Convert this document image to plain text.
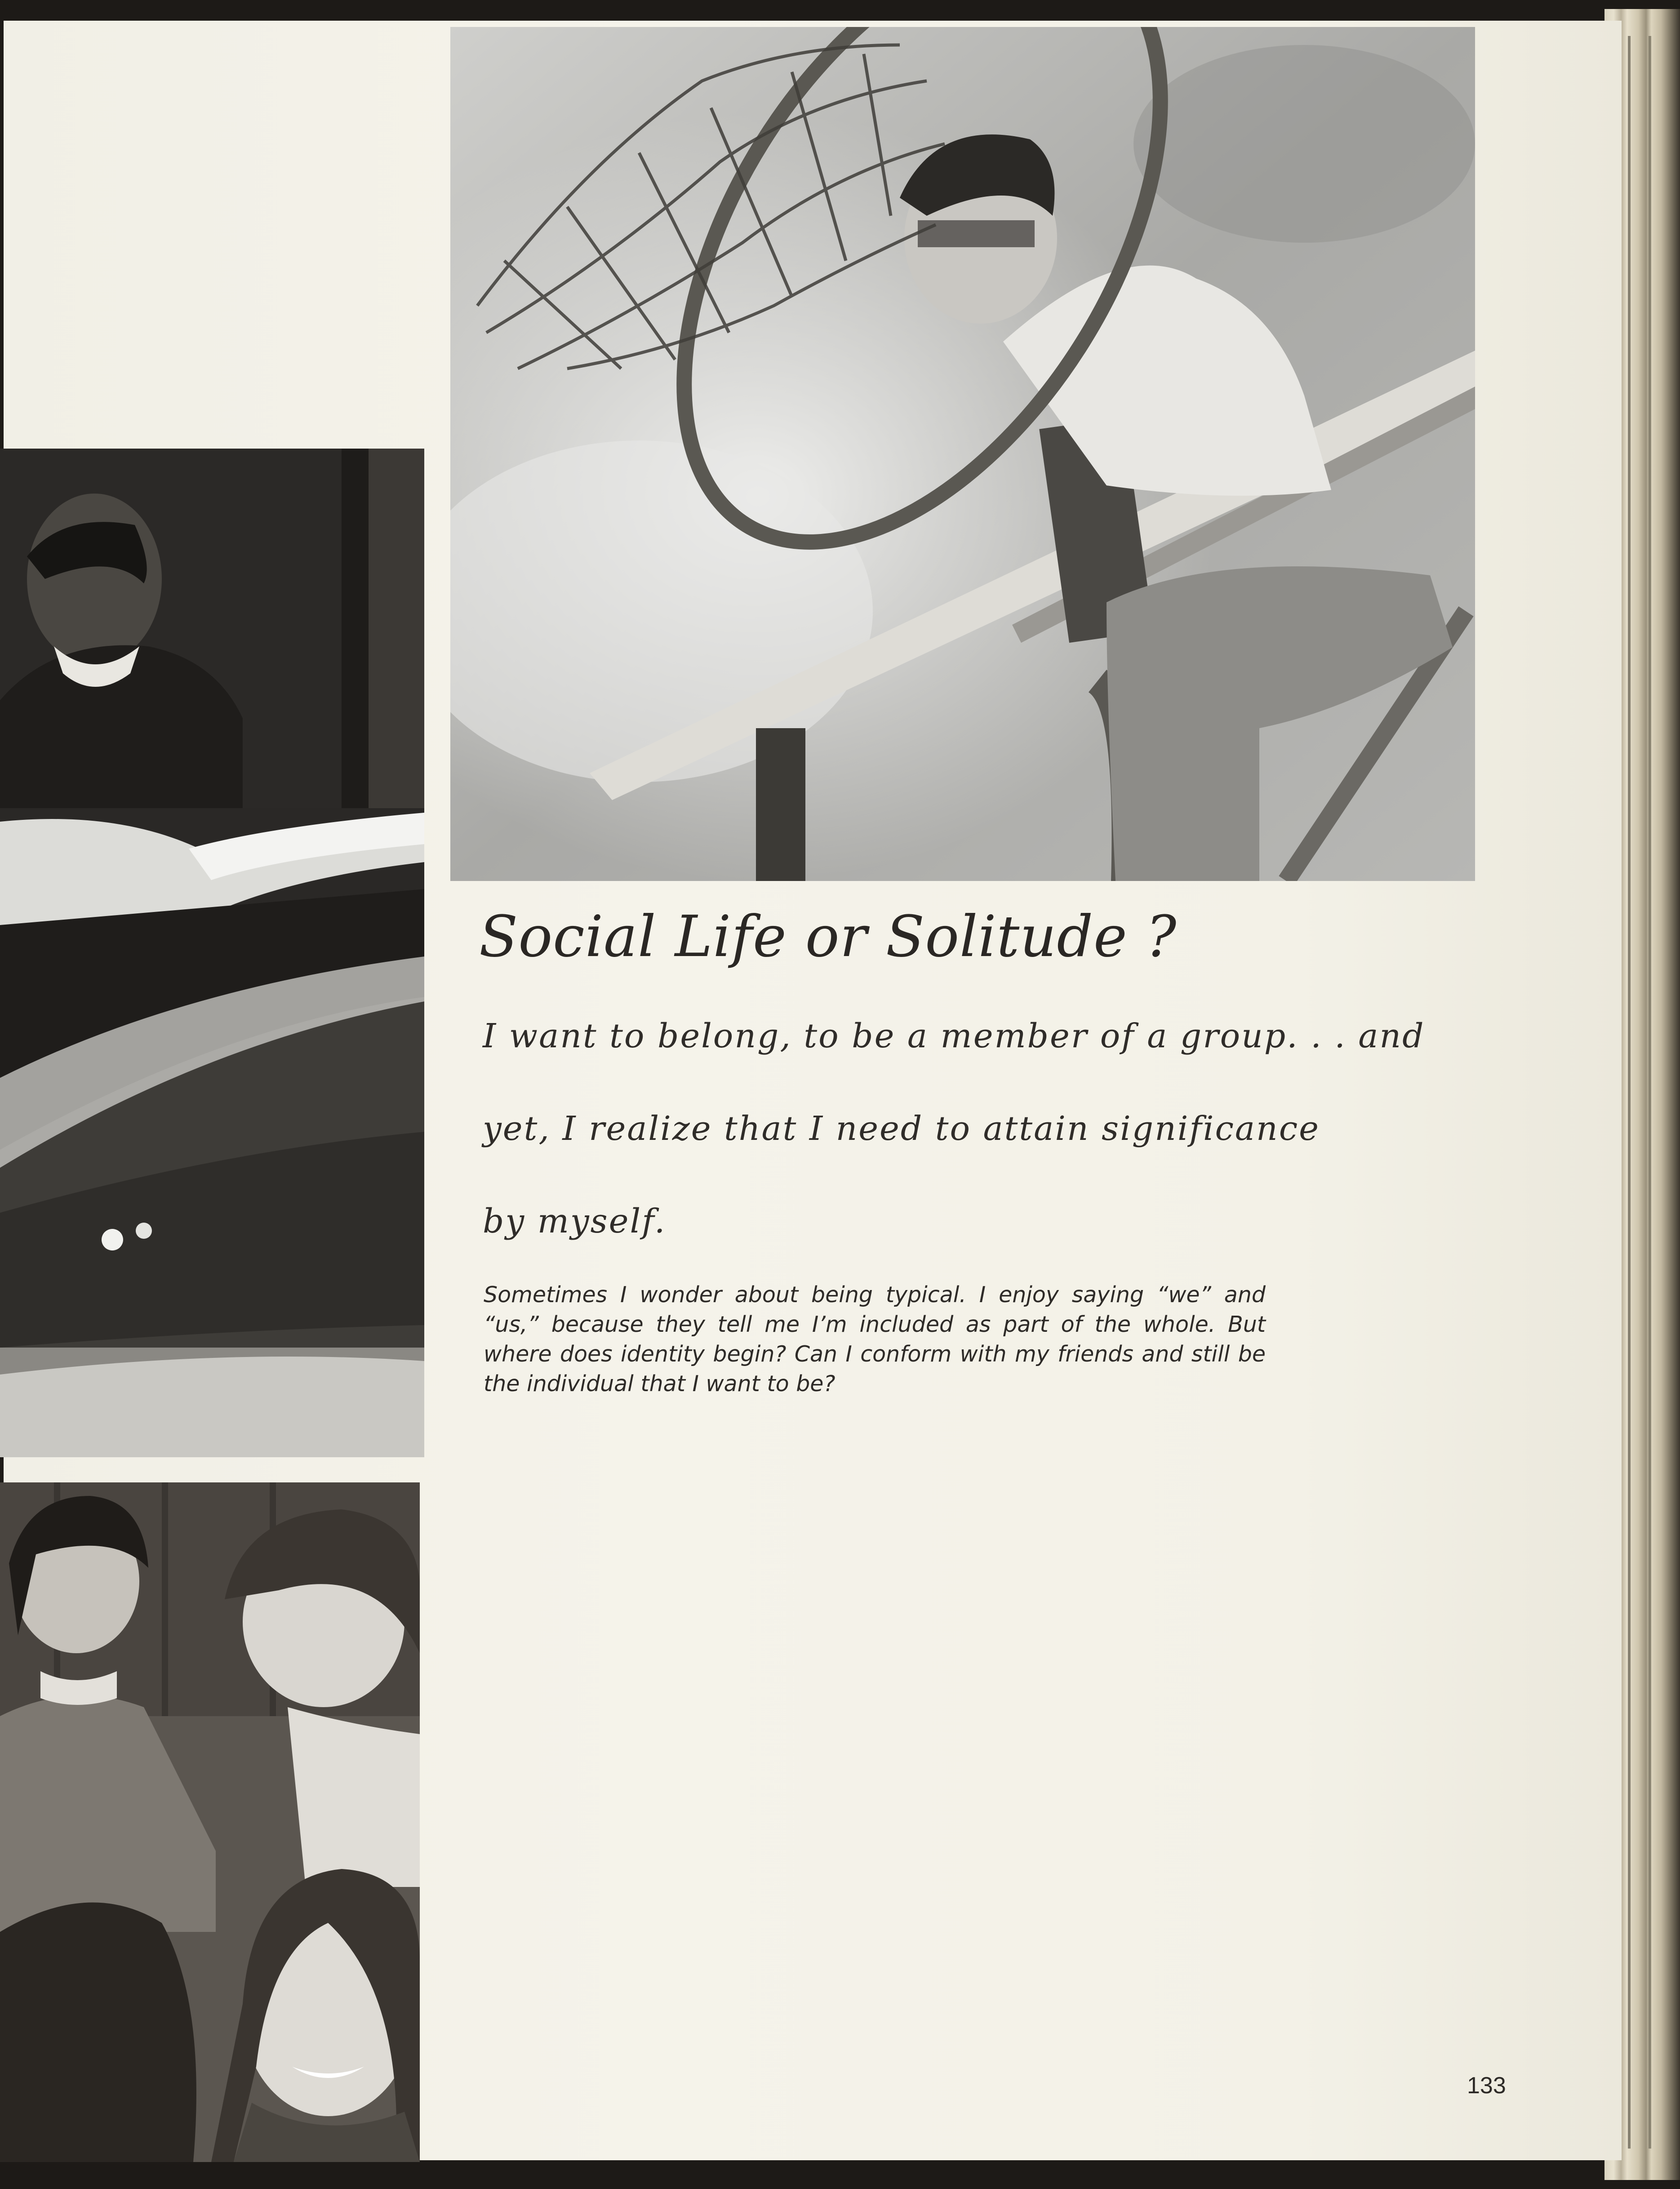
Social Life or Solitude ?
I want to belong, to be a member of a group. . . and
yet, I realize that I need to attain significance
by myself.
Sometimes I wonder about being typical. I enjoy saying “we” and “us,” because they tell me I’m included as part of the whole. But where does identity begin? Can I conform with my friends and still be the individual that I want to be?
133
